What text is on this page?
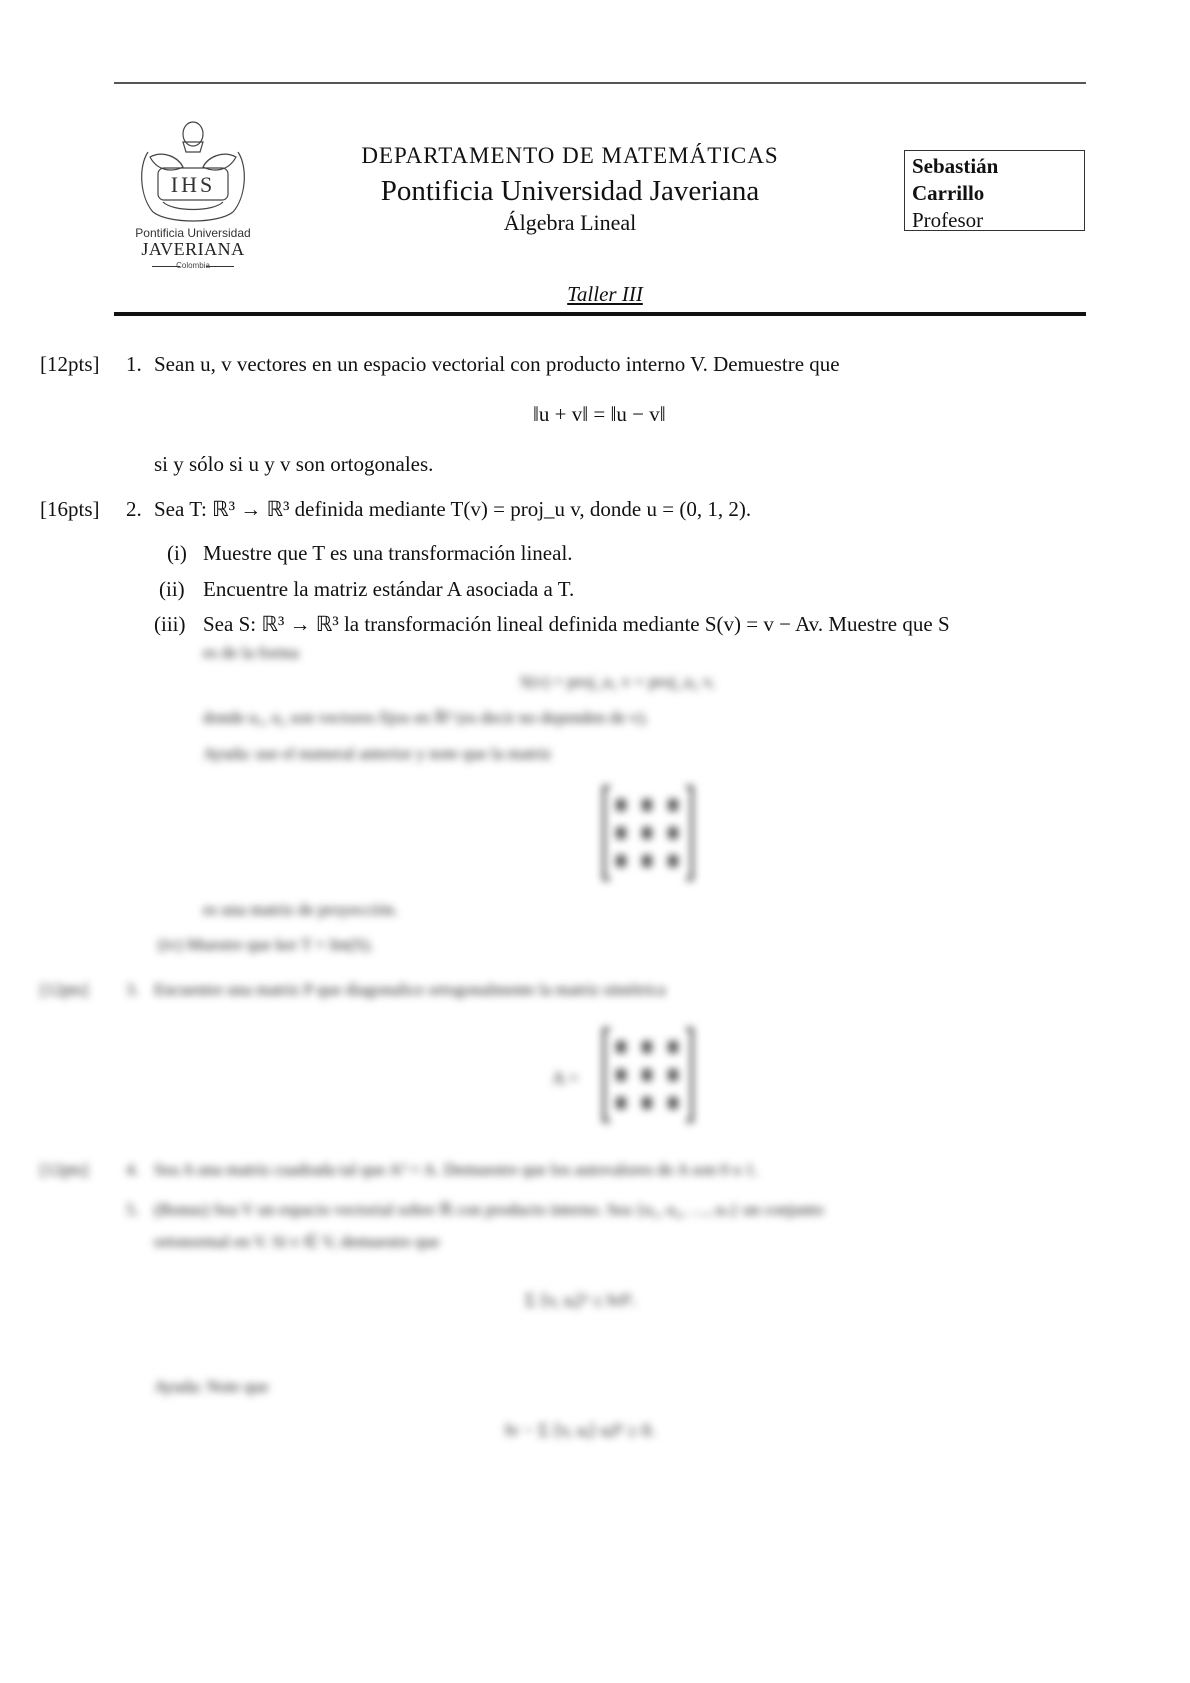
IHS
Pontificia Universidad
JAVERIANA
Colombia
DEPARTAMENTO DE MATEMÁTICAS
Pontificia Universidad Javeriana
Álgebra Lineal
Sebastián
Carrillo
Profesor
Taller III
[12pts] 1. Sean u, v vectores en un espacio vectorial con producto interno V. Demuestre que
‖u + v‖ = ‖u − v‖
si y sólo si u y v son ortogonales.
[16pts] 2. Sea T: ℝ³ → ℝ³ definida mediante T(v) = proj_u v, donde u = (0, 1, 2).
(i) Muestre que T es una transformación lineal.
(ii) Encuentre la matriz estándar A asociada a T.
(iii) Sea S: ℝ³ → ℝ³ la transformación lineal definida mediante S(v) = v − Av. Muestre que S
es de la forma
S(v) = proj_u₁ v + proj_u₂ v,
donde u₁, u₂ son vectores fijos en ℝ³ (es decir no dependen de v).
Ayuda: use el numeral anterior y note que la matriz
es una matriz de proyección.
(iv) Muestre que ker T = Im(S).
[12pts] 3. Encuentre una matriz P que diagonalice ortogonalmente la matriz simétrica
A =
[12pts] 4. Sea A una matriz cuadrada tal que A² = A. Demuestre que los autovalores de A son 0 o 1.
5. (Bonus) Sea V un espacio vectorial sobre ℝ con producto interno. Sea {u₁, u₂, …, uₙ} un conjunto
ortonormal en V. Si v ∈ V, demuestre que
Σ ⟨v, uᵢ⟩² ≤ ‖v‖².
Ayuda: Note que
‖v − Σ ⟨v, uᵢ⟩ uᵢ‖² ≥ 0.
